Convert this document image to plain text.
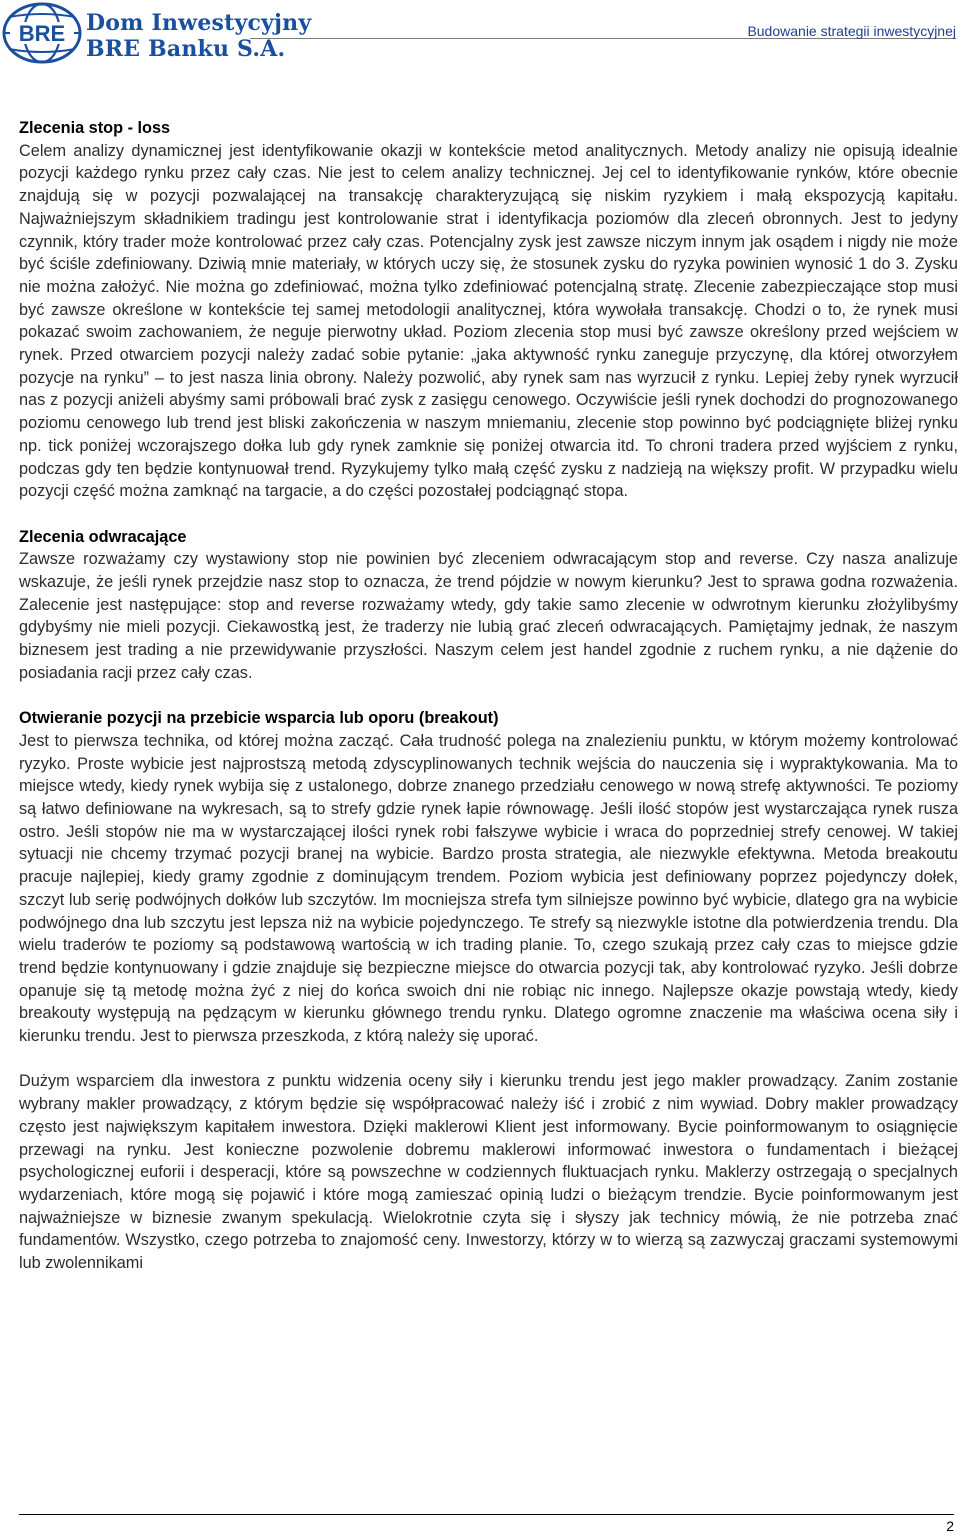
BRE Dom Inwestycyjny
BRE Banku S.A.
Budowanie strategii inwestycyjnej
Zlecenia stop - loss

Celem analizy dynamicznej jest identyfikowanie okazji w kontekście metod analitycznych. Metody analizy nie opisują idealnie pozycji każdego rynku przez cały czas. Nie jest to celem analizy technicznej. Jej cel to identyfikowanie rynków, które obecnie znajdują się w pozycji pozwalającej na transakcję charakteryzującą się niskim ryzykiem i małą ekspozycją kapitału. Najważniejszym składnikiem tradingu jest kontrolowanie strat i identyfikacja poziomów dla zleceń obronnych. Jest to jedyny czynnik, który trader może kontrolować przez cały czas. Potencjalny zysk jest zawsze niczym innym jak osądem i nigdy nie może być ściśle zdefiniowany. Dziwią mnie materiały, w których uczy się, że stosunek zysku do ryzyka powinien wynosić 1 do 3. Zysku nie można założyć. Nie można go zdefiniować, można tylko zdefiniować potencjalną stratę. Zlecenie zabezpieczające stop musi być zawsze określone w kontekście tej samej metodologii analitycznej, która wywołała transakcję. Chodzi o to, że rynek musi pokazać swoim zachowaniem, że neguje pierwotny układ. Poziom zlecenia stop musi być zawsze określony przed wejściem w rynek. Przed otwarciem pozycji należy zadać sobie pytanie: „jaka aktywność rynku zaneguje przyczynę, dla której otworzyłem pozycje na rynku” – to jest nasza linia obrony. Należy pozwolić, aby rynek sam nas wyrzucił z rynku. Lepiej żeby rynek wyrzucił nas z pozycji aniżeli abyśmy sami próbowali brać zysk z zasięgu cenowego. Oczywiście jeśli rynek dochodzi do prognozowanego poziomu cenowego lub trend jest bliski zakończenia w naszym mniemaniu, zlecenie stop powinno być podciągnięte bliżej rynku np. tick poniżej wczorajszego dołka lub gdy rynek zamknie się poniżej otwarcia itd. To chroni tradera przed wyjściem z rynku, podczas gdy ten będzie kontynuował trend. Ryzykujemy tylko małą część zysku z nadzieją na większy profit. W przypadku wielu pozycji część można zamknąć na targacie, a do części pozostałej podciągnąć stopa.

Zlecenia odwracające

Zawsze rozważamy czy wystawiony stop nie powinien być zleceniem odwracającym stop and reverse. Czy nasza analizuje wskazuje, że jeśli rynek przejdzie nasz stop to oznacza, że trend pójdzie w nowym kierunku? Jest to sprawa godna rozważenia. Zalecenie jest następujące: stop and reverse rozważamy wtedy, gdy takie samo zlecenie w odwrotnym kierunku złożylibyśmy gdybyśmy nie mieli pozycji. Ciekawostką jest, że traderzy nie lubią grać zleceń odwracających. Pamiętajmy jednak, że naszym biznesem jest trading a nie przewidywanie przyszłości. Naszym celem jest handel zgodnie z ruchem rynku, a nie dążenie do posiadania racji przez cały czas.

Otwieranie pozycji na przebicie wsparcia lub oporu (breakout)

Jest to pierwsza technika, od której można zacząć. Cała trudność polega na znalezieniu punktu, w którym możemy kontrolować ryzyko. Proste wybicie jest najprostszą metodą zdyscyplinowanych technik wejścia do nauczenia się i wypraktykowania. Ma to miejsce wtedy, kiedy rynek wybija się z ustalonego, dobrze znanego przedziału cenowego w nową strefę aktywności. Te poziomy są łatwo definiowane na wykresach, są to strefy gdzie rynek łapie równowagę. Jeśli ilość stopów jest wystarczająca rynek rusza ostro. Jeśli stopów nie ma w wystarczającej ilości rynek robi fałszywe wybicie i wraca do poprzedniej strefy cenowej. W takiej sytuacji nie chcemy trzymać pozycji branej na wybicie. Bardzo prosta strategia, ale niezwykle efektywna. Metoda breakoutu pracuje najlepiej, kiedy gramy zgodnie z dominującym trendem. Poziom wybicia jest definiowany poprzez pojedynczy dołek, szczyt lub serię podwójnych dołków lub szczytów. Im mocniejsza strefa tym silniejsze powinno być wybicie, dlatego gra na wybicie podwójnego dna lub szczytu jest lepsza niż na wybicie pojedynczego. Te strefy są niezwykle istotne dla potwierdzenia trendu. Dla wielu traderów te poziomy są podstawową wartością w ich trading planie. To, czego szukają przez cały czas to miejsce gdzie trend będzie kontynuowany i gdzie znajduje się bezpieczne miejsce do otwarcia pozycji tak, aby kontrolować ryzyko. Jeśli dobrze opanuje się tą metodę można żyć z niej do końca swoich dni nie robiąc nic innego. Najlepsze okazje powstają wtedy, kiedy breakouty występują na pędzącym w kierunku głównego trendu rynku. Dlatego ogromne znaczenie ma właściwa ocena siły i kierunku trendu. Jest to pierwsza przeszkoda, z którą należy się uporać.

Dużym wsparciem dla inwestora z punktu widzenia oceny siły i kierunku trendu jest jego makler prowadzący. Zanim zostanie wybrany makler prowadzący, z którym będzie się współpracować należy iść i zrobić z nim wywiad. Dobry makler prowadzący często jest największym kapitałem inwestora. Dzięki maklerowi Klient jest informowany. Bycie poinformowanym to osiągnięcie przewagi na rynku. Jest konieczne pozwolenie dobremu maklerowi informować inwestora o fundamentach i bieżącej psychologicznej euforii i desperacji, które są powszechne w codziennych fluktuacjach rynku. Maklerzy ostrzegają o specjalnych wydarzeniach, które mogą się pojawić i które mogą zamieszać opinią ludzi o bieżącym trendzie. Bycie poinformowanym jest najważniejsze w biznesie zwanym spekulacją. Wielokrotnie czyta się i słyszy jak technicy mówią, że nie potrzeba znać fundamentów. Wszystko, czego potrzeba to znajomość ceny. Inwestorzy, którzy w to wierzą są zazwyczaj graczami systemowymi lub zwolennikami

2
